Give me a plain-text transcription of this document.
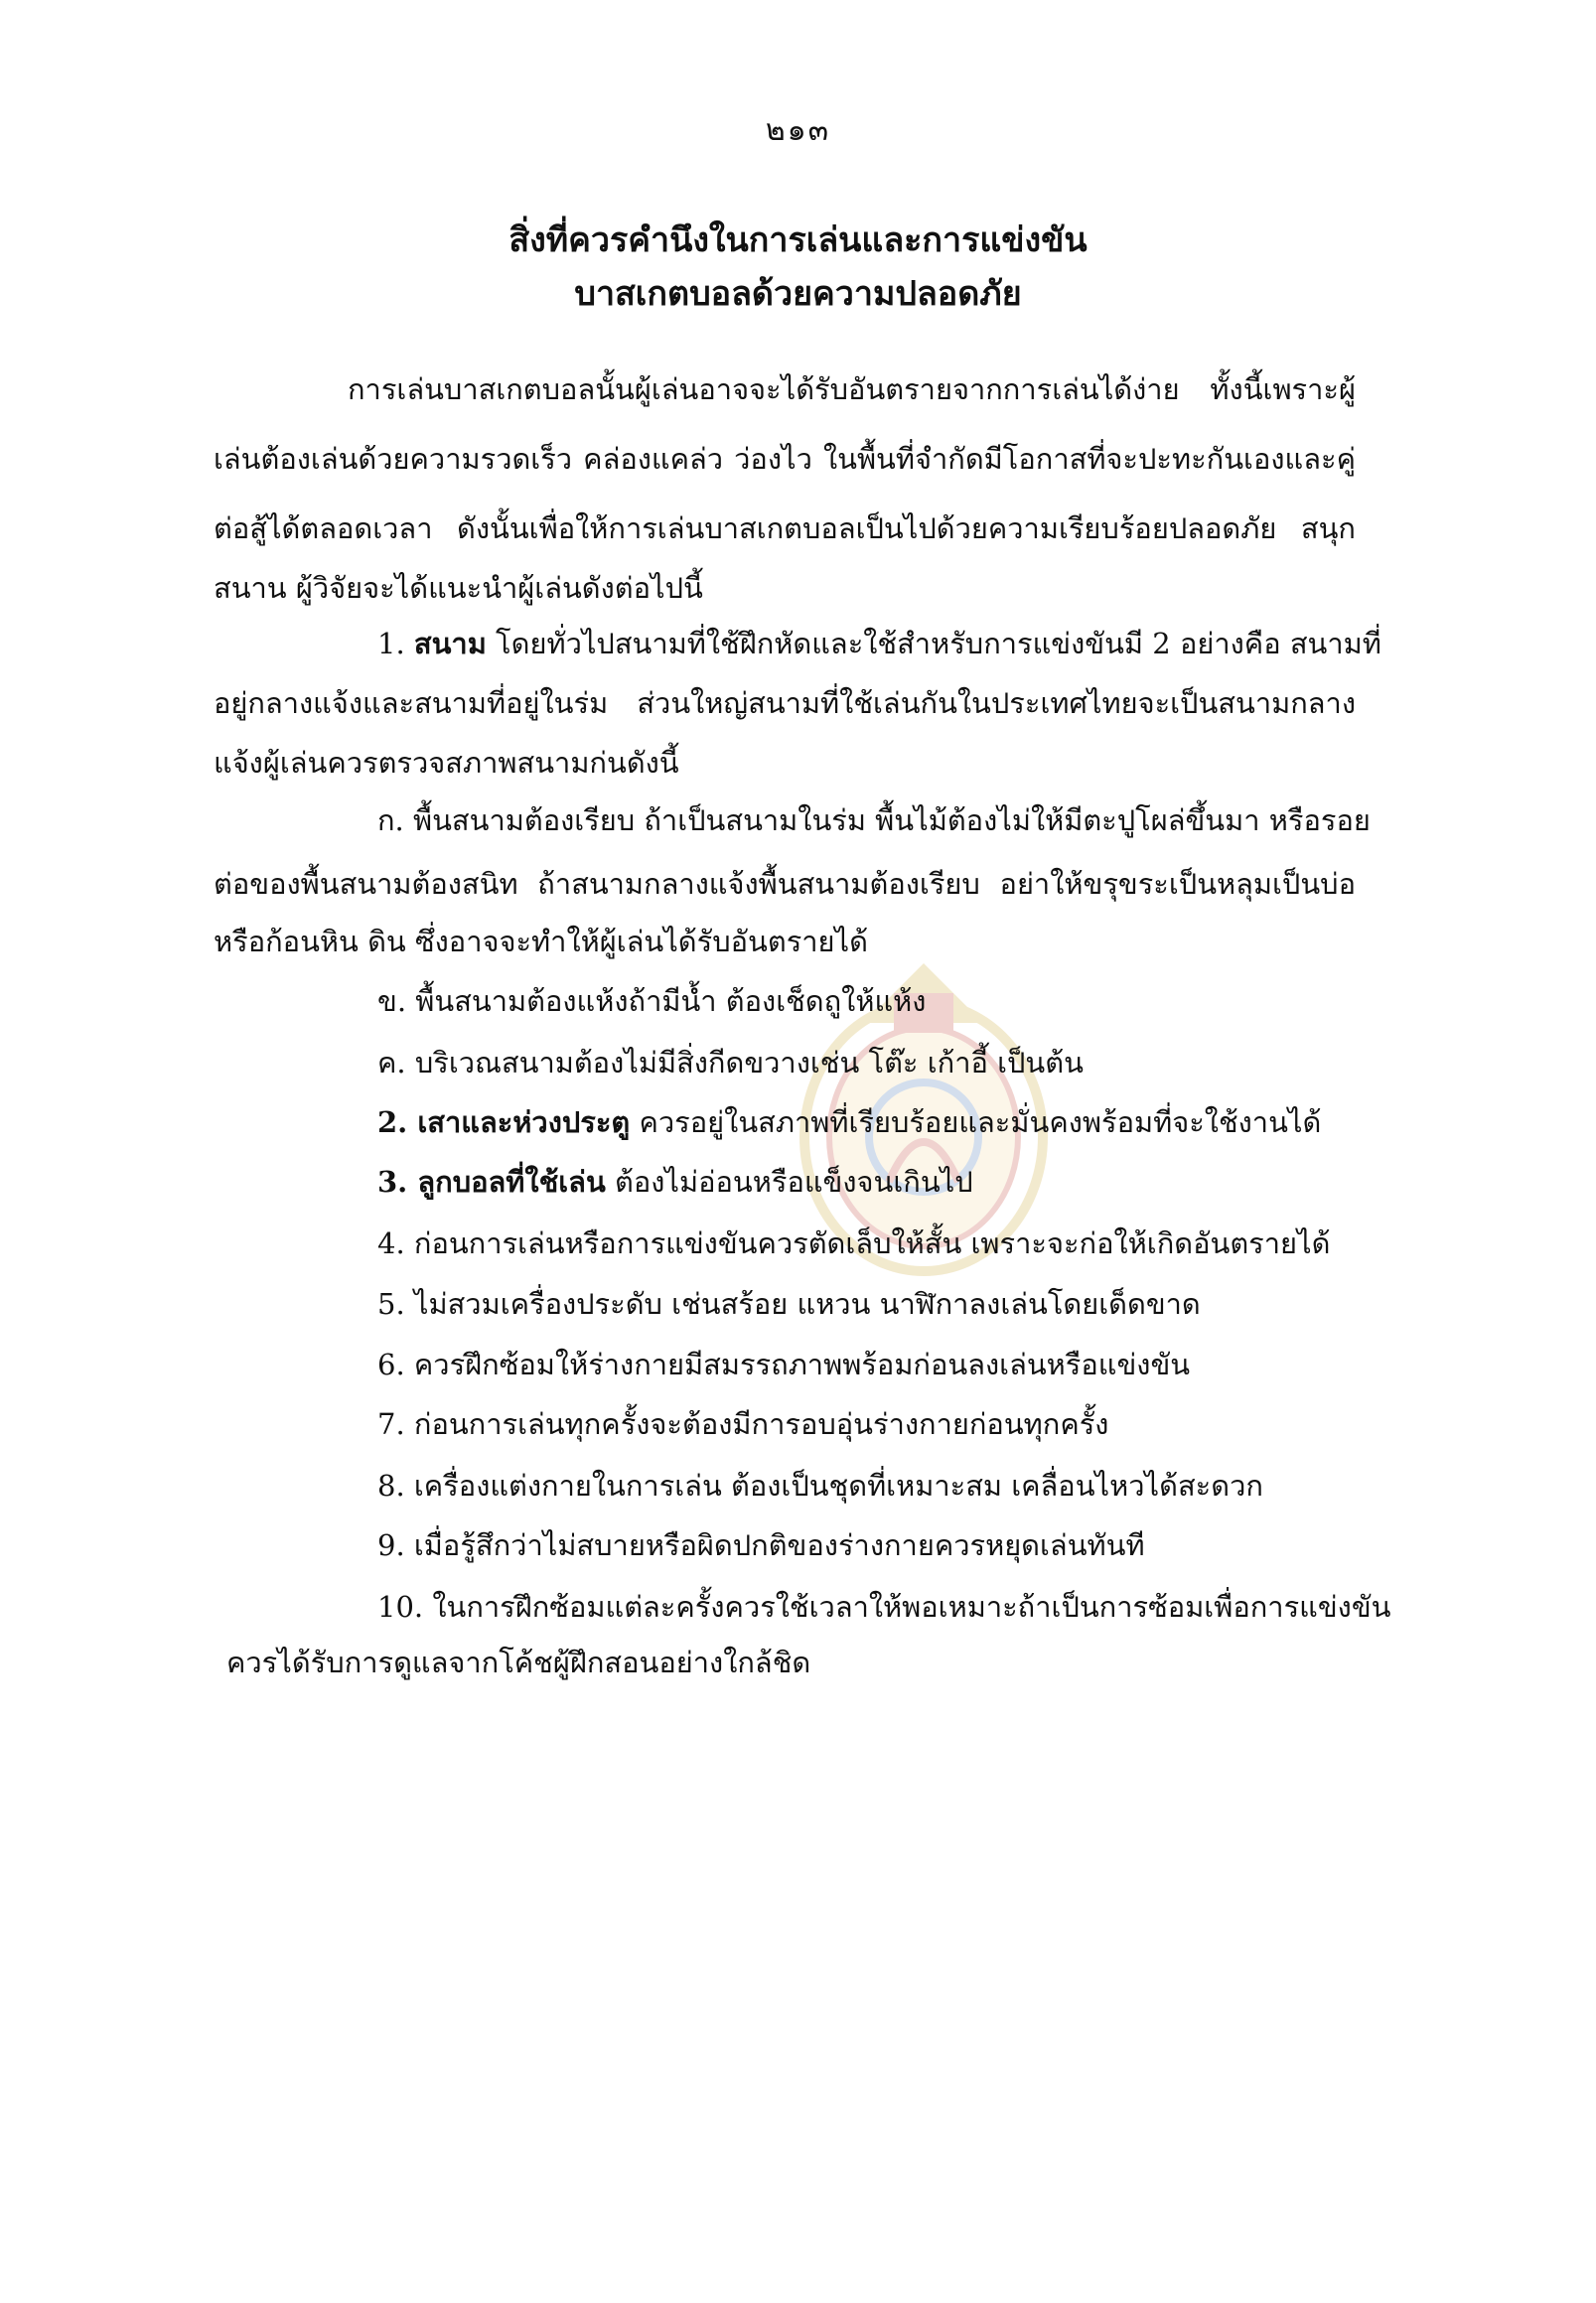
๒๑๓
สิ่งที่ควรคำนึงในการเล่นและการแข่งขัน
บาสเกตบอลด้วยความปลอดภัย
การเล่นบาสเกตบอลนั้นผู้เล่นอาจจะได้รับอันตรายจากการเล่นได้ง่าย ทั้งนี้เพราะผู้
เล่นต้องเล่นด้วยความรวดเร็ว คล่องแคล่ว ว่องไว ในพื้นที่จำกัดมีโอกาสที่จะปะทะกันเองและคู่
ต่อสู้ได้ตลอดเวลา ดังนั้นเพื่อให้การเล่นบาสเกตบอลเป็นไปด้วยความเรียบร้อยปลอดภัย สนุก
สนาน ผู้วิจัยจะได้แนะนำผู้เล่นดังต่อไปนี้
1. สนาม โดยทั่วไปสนามที่ใช้ฝึกหัดและใช้สำหรับการแข่งขันมี 2 อย่างคือ สนามที่
อยู่กลางแจ้งและสนามที่อยู่ในร่ม ส่วนใหญ่สนามที่ใช้เล่นกันในประเทศไทยจะเป็นสนามกลาง
แจ้งผู้เล่นควรตรวจสภาพสนามก่นดังนี้
ก. พื้นสนามต้องเรียบ ถ้าเป็นสนามในร่ม พื้นไม้ต้องไม่ให้มีตะปูโผล่ขึ้นมา หรือรอย
ต่อของพื้นสนามต้องสนิท ถ้าสนามกลางแจ้งพื้นสนามต้องเรียบ อย่าให้ขรุขระเป็นหลุมเป็นบ่อ
หรือก้อนหิน ดิน ซึ่งอาจจะทำให้ผู้เล่นได้รับอันตรายได้
ข. พื้นสนามต้องแห้งถ้ามีน้ำ ต้องเช็ดถูให้แห้ง
ค. บริเวณสนามต้องไม่มีสิ่งกีดขวางเช่น โต๊ะ เก้าอี้ เป็นต้น
2. เสาและห่วงประตู ควรอยู่ในสภาพที่เรียบร้อยและมั่นคงพร้อมที่จะใช้งานได้
3. ลูกบอลที่ใช้เล่น ต้องไม่อ่อนหรือแข็งจนเกินไป
4. ก่อนการเล่นหรือการแข่งขันควรตัดเล็บให้สั้น เพราะจะก่อให้เกิดอันตรายได้
5. ไม่สวมเครื่องประดับ เช่นสร้อย แหวน นาฬิกาลงเล่นโดยเด็ดขาด
6. ควรฝึกซ้อมให้ร่างกายมีสมรรถภาพพร้อมก่อนลงเล่นหรือแข่งขัน
7. ก่อนการเล่นทุกครั้งจะต้องมีการอบอุ่นร่างกายก่อนทุกครั้ง
8. เครื่องแต่งกายในการเล่น ต้องเป็นชุดที่เหมาะสม เคลื่อนไหวได้สะดวก
9. เมื่อรู้สึกว่าไม่สบายหรือผิดปกติของร่างกายควรหยุดเล่นทันที
10. ในการฝึกซ้อมแต่ละครั้งควรใช้เวลาให้พอเหมาะถ้าเป็นการซ้อมเพื่อการแข่งขัน
ควรได้รับการดูแลจากโค้ชผู้ฝึกสอนอย่างใกล้ชิด
